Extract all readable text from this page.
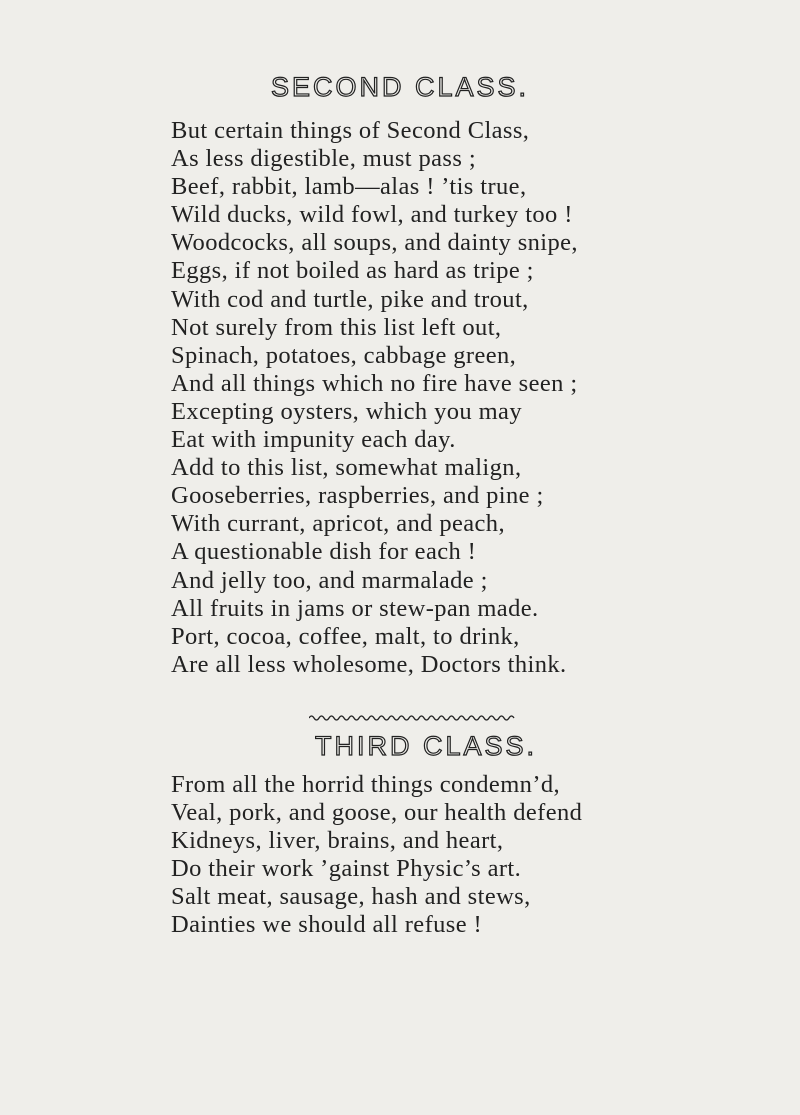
SECOND CLASS.
But certain things of Second Class,
As less digestible, must pass ;
Beef, rabbit, lamb—alas ! ’tis true,
Wild ducks, wild fowl, and turkey too !
Woodcocks, all soups, and dainty snipe,
Eggs, if not boiled as hard as tripe ;
With cod and turtle, pike and trout,
Not surely from this list left out,
Spinach, potatoes, cabbage green,
And all things which no fire have seen ;
Excepting oysters, which you may
Eat with impunity each day.
Add to this list, somewhat malign,
Gooseberries, raspberries, and pine ;
With currant, apricot, and peach,
A questionable dish for each !
And jelly too, and marmalade ;
All fruits in jams or stew-pan made.
Port, cocoa, coffee, malt, to drink,
Are all less wholesome, Doctors think.
THIRD CLASS.
From all the horrid things condemn’d,
Veal, pork, and goose, our health defend
Kidneys, liver, brains, and heart,
Do their work ’gainst Physic’s art.
Salt meat, sausage, hash and stews,
Dainties we should all refuse !
